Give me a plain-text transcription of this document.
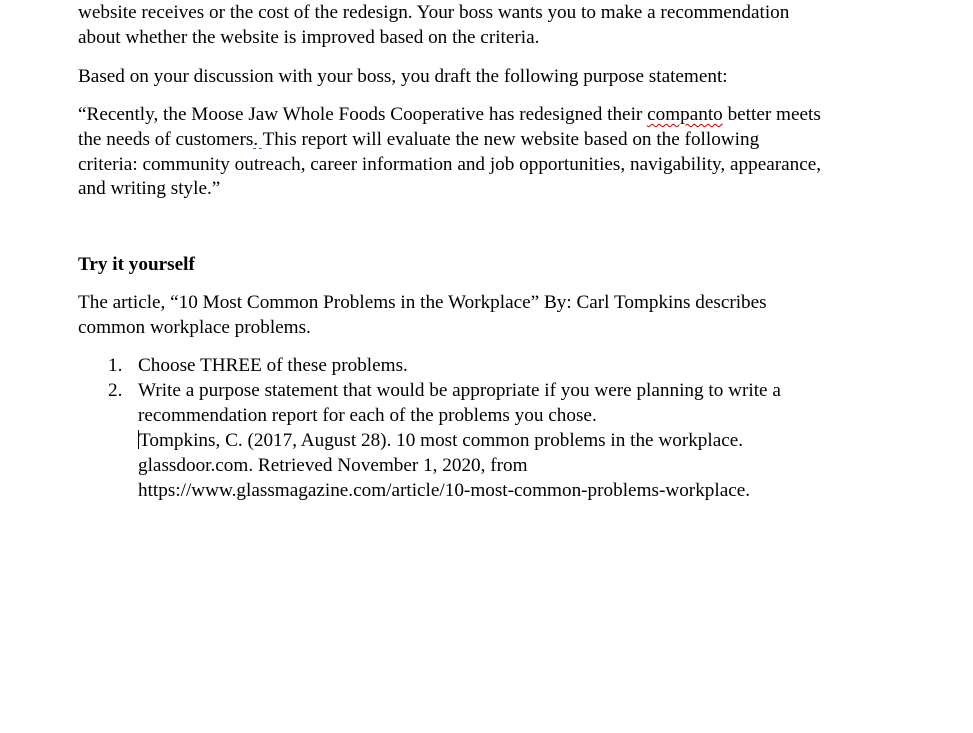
website receives or the cost of the redesign. Your boss wants you to make a recommendation
about whether the website is improved based on the criteria.
Based on your discussion with your boss, you draft the following purpose statement:
“Recently, the Moose Jaw Whole Foods Cooperative has redesigned their companto better meets
the needs of customers. This report will evaluate the new website based on the following
criteria: community outreach, career information and job opportunities, navigability, appearance,
and writing style.”
Try it yourself
The article, “10 Most Common Problems in the Workplace” By: Carl Tompkins describes
common workplace problems.
1. Choose THREE of these problems.
2. Write a purpose statement that would be appropriate if you were planning to write a
recommendation report for each of the problems you chose.
Tompkins, C. (2017, August 28). 10 most common problems in the workplace.
glassdoor.com. Retrieved November 1, 2020, from
https://www.glassmagazine.com/article/10-most-common-problems-workplace.
